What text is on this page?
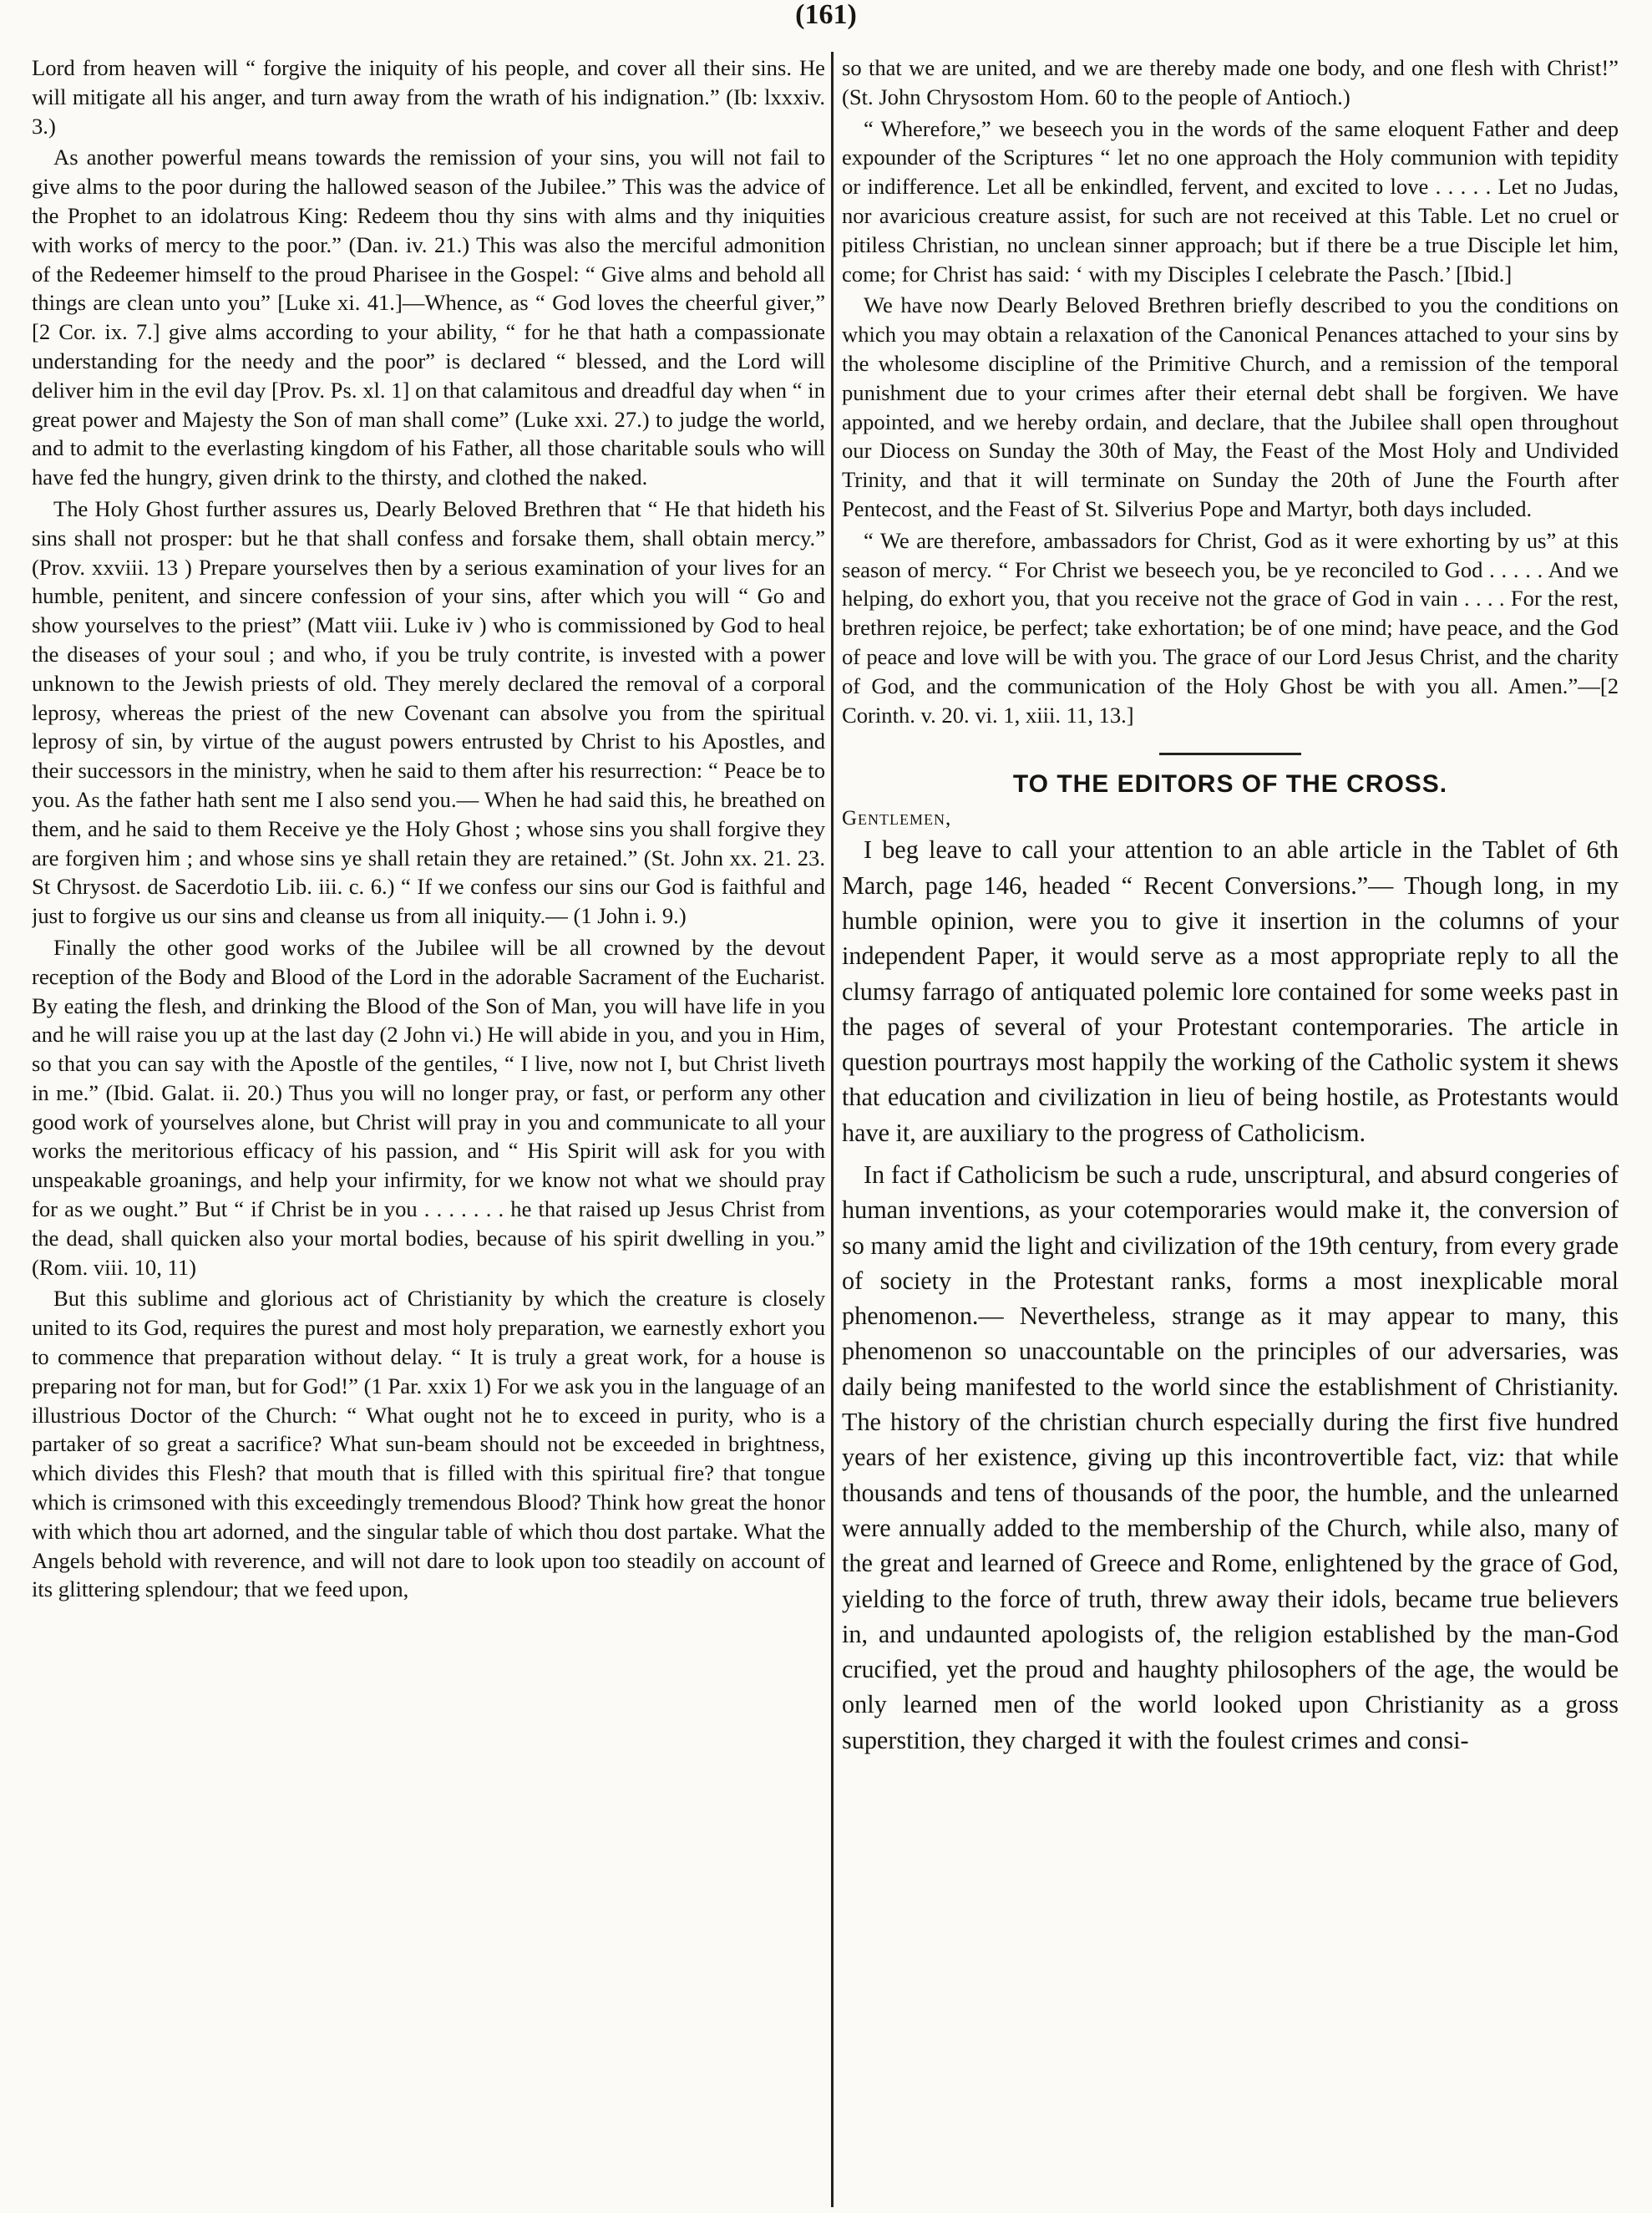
(161)

Lord from heaven will “ forgive the iniquity of his people, and cover all their sins. He will mitigate all his anger, and turn away from the wrath of his indignation.” (Ib: lxxxiv. 3.)

As another powerful means towards the remission of your sins, you will not fail to give alms to the poor during the hallowed season of the Jubilee.” This was the advice of the Prophet to an idolatrous King: Redeem thou thy sins with alms and thy iniquities with works of mercy to the poor.” (Dan. iv. 21.) This was also the merciful admonition of the Redeemer himself to the proud Pharisee in the Gospel: “ Give alms and behold all things are clean unto you” [Luke xi. 41.]—Whence, as “ God loves the cheerful giver,” [2 Cor. ix. 7.] give alms according to your ability, “ for he that hath a compassionate understanding for the needy and the poor” is declared “ blessed, and the Lord will deliver him in the evil day [Prov. Ps. xl. 1] on that calamitous and dreadful day when “ in great power and Majesty the Son of man shall come” (Luke xxi. 27.) to judge the world, and to admit to the everlasting kingdom of his Father, all those charitable souls who will have fed the hungry, given drink to the thirsty, and clothed the naked.

The Holy Ghost further assures us, Dearly Beloved Brethren that “ He that hideth his sins shall not prosper: but he that shall confess and forsake them, shall obtain mercy.” (Prov. xxviii. 13 ) Prepare yourselves then by a serious examination of your lives for an humble, penitent, and sincere confession of your sins, after which you will “ Go and show yourselves to the priest” (Matt viii. Luke iv ) who is commissioned by God to heal the diseases of your soul ; and who, if you be truly contrite, is invested with a power unknown to the Jewish priests of old. They merely declared the removal of a corporal leprosy, whereas the priest of the new Covenant can absolve you from the spiritual leprosy of sin, by virtue of the august powers entrusted by Christ to his Apostles, and their successors in the ministry, when he said to them after his resurrection: “ Peace be to you. As the father hath sent me I also send you.— When he had said this, he breathed on them, and he said to them Receive ye the Holy Ghost ; whose sins you shall forgive they are forgiven him ; and whose sins ye shall retain they are retained.” (St. John xx. 21. 23. St Chrysost. de Sacerdotio Lib. iii. c. 6.) “ If we confess our sins our God is faithful and just to forgive us our sins and cleanse us from all iniquity.— (1 John i. 9.)

Finally the other good works of the Jubilee will be all crowned by the devout reception of the Body and Blood of the Lord in the adorable Sacrament of the Eucharist. By eating the flesh, and drinking the Blood of the Son of Man, you will have life in you and he will raise you up at the last day (2 John vi.) He will abide in you, and you in Him, so that you can say with the Apostle of the gentiles, “ I live, now not I, but Christ liveth in me.” (Ibid. Galat. ii. 20.) Thus you will no longer pray, or fast, or perform any other good work of yourselves alone, but Christ will pray in you and communicate to all your works the meritorious efficacy of his passion, and “ His Spirit will ask for you with unspeakable groanings, and help your infirmity, for we know not what we should pray for as we ought.” But “ if Christ be in you . . . . . . . he that raised up Jesus Christ from the dead, shall quicken also your mortal bodies, because of his spirit dwelling in you.” (Rom. viii. 10, 11)

But this sublime and glorious act of Christianity by which the creature is closely united to its God, requires the purest and most holy preparation, we earnestly exhort you to commence that preparation without delay. “ It is truly a great work, for a house is preparing not for man, but for God!” (1 Par. xxix 1) For we ask you in the language of an illustrious Doctor of the Church: “ What ought not he to exceed in purity, who is a partaker of so great a sacrifice? What sun-beam should not be exceeded in brightness, which divides this Flesh? that mouth that is filled with this spiritual fire? that tongue which is crimsoned with this exceedingly tremendous Blood? Think how great the honor with which thou art adorned, and the singular table of which thou dost partake. What the Angels behold with reverence, and will not dare to look upon too steadily on account of its glittering splendour; that we feed upon,

so that we are united, and we are thereby made one body, and one flesh with Christ!” (St. John Chrysostom Hom. 60 to the people of Antioch.)

“ Wherefore,” we beseech you in the words of the same eloquent Father and deep expounder of the Scriptures “ let no one approach the Holy communion with tepidity or indifference. Let all be enkindled, fervent, and excited to love . . . . . Let no Judas, nor avaricious creature assist, for such are not received at this Table. Let no cruel or pitiless Christian, no unclean sinner approach; but if there be a true Disciple let him, come; for Christ has said: ‘ with my Disciples I celebrate the Pasch.’ [Ibid.]

We have now Dearly Beloved Brethren briefly described to you the conditions on which you may obtain a relaxation of the Canonical Penances attached to your sins by the wholesome discipline of the Primitive Church, and a remission of the temporal punishment due to your crimes after their eternal debt shall be forgiven. We have appointed, and we hereby ordain, and declare, that the Jubilee shall open throughout our Diocess on Sunday the 30th of May, the Feast of the Most Holy and Undivided Trinity, and that it will terminate on Sunday the 20th of June the Fourth after Pentecost, and the Feast of St. Silverius Pope and Martyr, both days included.

“ We are therefore, ambassadors for Christ, God as it were exhorting by us” at this season of mercy. “ For Christ we beseech you, be ye reconciled to God . . . . . And we helping, do exhort you, that you receive not the grace of God in vain . . . . For the rest, brethren rejoice, be perfect; take exhortation; be of one mind; have peace, and the God of peace and love will be with you. The grace of our Lord Jesus Christ, and the charity of God, and the communication of the Holy Ghost be with you all. Amen.”—[2 Corinth. v. 20. vi. 1, xiii. 11, 13.]

TO THE EDITORS OF THE CROSS.

Gentlemen,

I beg leave to call your attention to an able article in the Tablet of 6th March, page 146, headed “ Recent Conversions.”— Though long, in my humble opinion, were you to give it insertion in the columns of your independent Paper, it would serve as a most appropriate reply to all the clumsy farrago of antiquated polemic lore contained for some weeks past in the pages of several of your Protestant contemporaries. The article in question pourtrays most happily the working of the Catholic system it shews that education and civilization in lieu of being hostile, as Protestants would have it, are auxiliary to the progress of Catholicism.

In fact if Catholicism be such a rude, unscriptural, and absurd congeries of human inventions, as your cotemporaries would make it, the conversion of so many amid the light and civilization of the 19th century, from every grade of society in the Protestant ranks, forms a most inexplicable moral phenomenon.— Nevertheless, strange as it may appear to many, this phenomenon so unaccountable on the principles of our adversaries, was daily being manifested to the world since the establishment of Christianity. The history of the christian church especially during the first five hundred years of her existence, giving up this incontrovertible fact, viz: that while thousands and tens of thousands of the poor, the humble, and the unlearned were annually added to the membership of the Church, while also, many of the great and learned of Greece and Rome, enlightened by the grace of God, yielding to the force of truth, threw away their idols, became true believers in, and undaunted apologists of, the religion established by the man-God crucified, yet the proud and haughty philosophers of the age, the would be only learned men of the world looked upon Christianity as a gross superstition, they charged it with the foulest crimes and consi-
